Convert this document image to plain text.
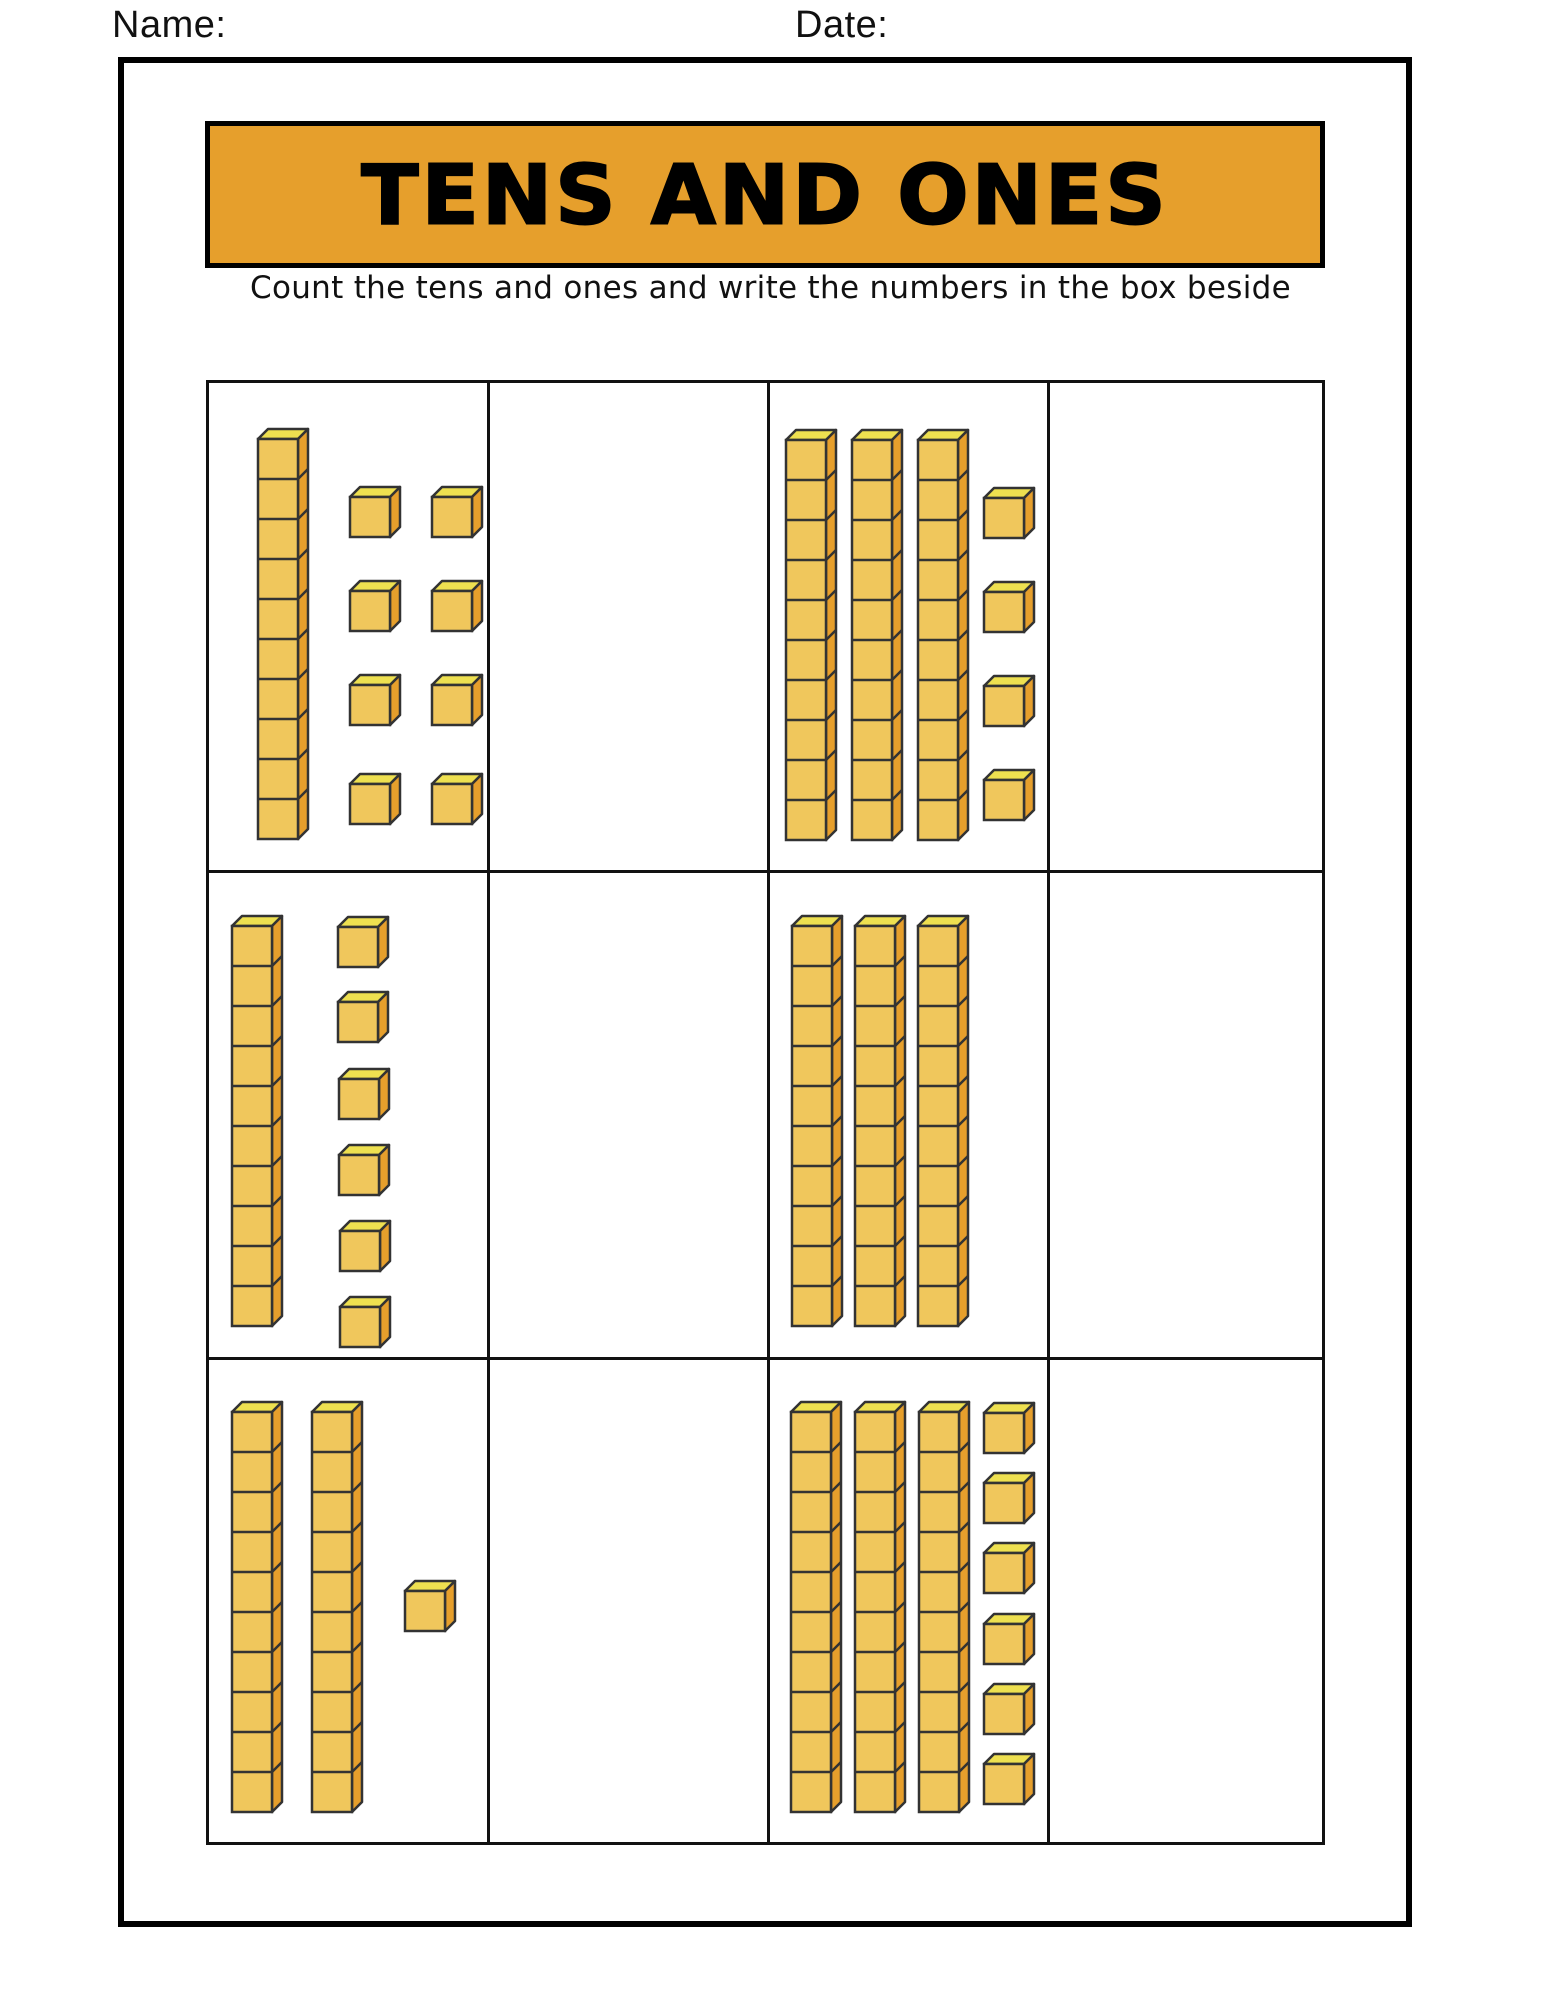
Name:	Date:
TENS AND ONES
Count the tens and ones and write the numbers in the box beside
